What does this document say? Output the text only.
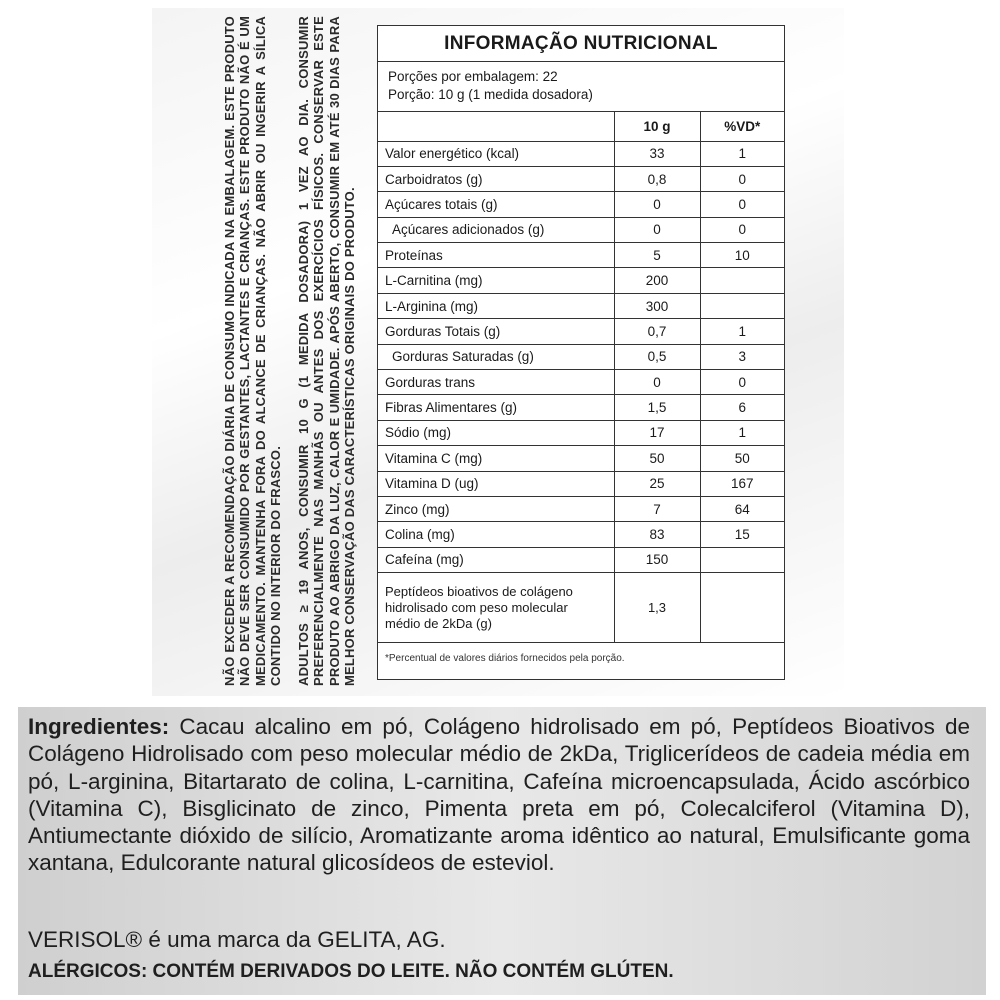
NÃO EXCEDER A RECOMENDAÇÃO DIÁRIA DE CONSUMO INDICADA NA EMBALAGEM. ESTE PRODUTO NÃO DEVE SER CONSUMIDO POR GESTANTES, LACTANTES E CRIANÇAS. ESTE PRODUTO NÃO É UM MEDICAMENTO. MANTENHA FORA DO ALCANCE DE CRIANÇAS. NÃO ABRIR OU INGERIR A SÍLICA CONTIDO NO INTERIOR DO FRASCO. ADULTOS ≥ 19 ANOS, CONSUMIR 10 G (1 MEDIDA DOSADORA) 1 VEZ AO DIA. CONSUMIR PREFERENCIALMENTE NAS MANHÃS OU ANTES DOS EXERCÍCIOS FÍSICOS. CONSERVAR ESTE PRODUTO AO ABRIGO DA LUZ, CALOR E UMIDADE. APÓS ABERTO, CONSUMIR EM ATÉ 30 DIAS PARA MELHOR CONSERVAÇÃO DAS CARACTERÍSTICAS ORIGINAIS DO PRODUTO.
INFORMAÇÃO NUTRICIONAL
Porções por embalagem: 22
Porção: 10 g (1 medida dosadora)
	10 g	%VD*
Valor energético (kcal)	33	1
Carboidratos (g)	0,8	0
Açúcares totais (g)	0	0
Açúcares adicionados (g)	0	0
Proteínas	5	10
L-Carnitina (mg)	200	
L-Arginina (mg)	300	
Gorduras Totais (g)	0,7	1
Gorduras Saturadas (g)	0,5	3
Gorduras trans	0	0
Fibras Alimentares (g)	1,5	6
Sódio (mg)	17	1
Vitamina C (mg)	50	50
Vitamina D (ug)	25	167
Zinco (mg)	7	64
Colina (mg)	83	15
Cafeína (mg)	150	
Peptídeos bioativos de colágeno hidrolisado com peso molecular médio de 2kDa (g)	1,3	
*Percentual de valores diários fornecidos pela porção.
Ingredientes: Cacau alcalino em pó, Colágeno hidrolisado em pó, Peptídeos Bioativos de Colágeno Hidrolisado com peso molecular médio de 2kDa, Triglicerídeos de cadeia média em pó, L-arginina, Bitartarato de colina, L-carnitina, Cafeína microencapsulada, Ácido ascórbico (Vitamina C), Bisglicinato de zinco, Pimenta preta em pó, Colecalciferol (Vitamina D), Antiumectante dióxido de silício, Aromatizante aroma idêntico ao natural, Emulsificante goma xantana, Edulcorante natural glicosídeos de esteviol.
VERISOL® é uma marca da GELITA, AG.
ALÉRGICOS: CONTÉM DERIVADOS DO LEITE. NÃO CONTÉM GLÚTEN.
